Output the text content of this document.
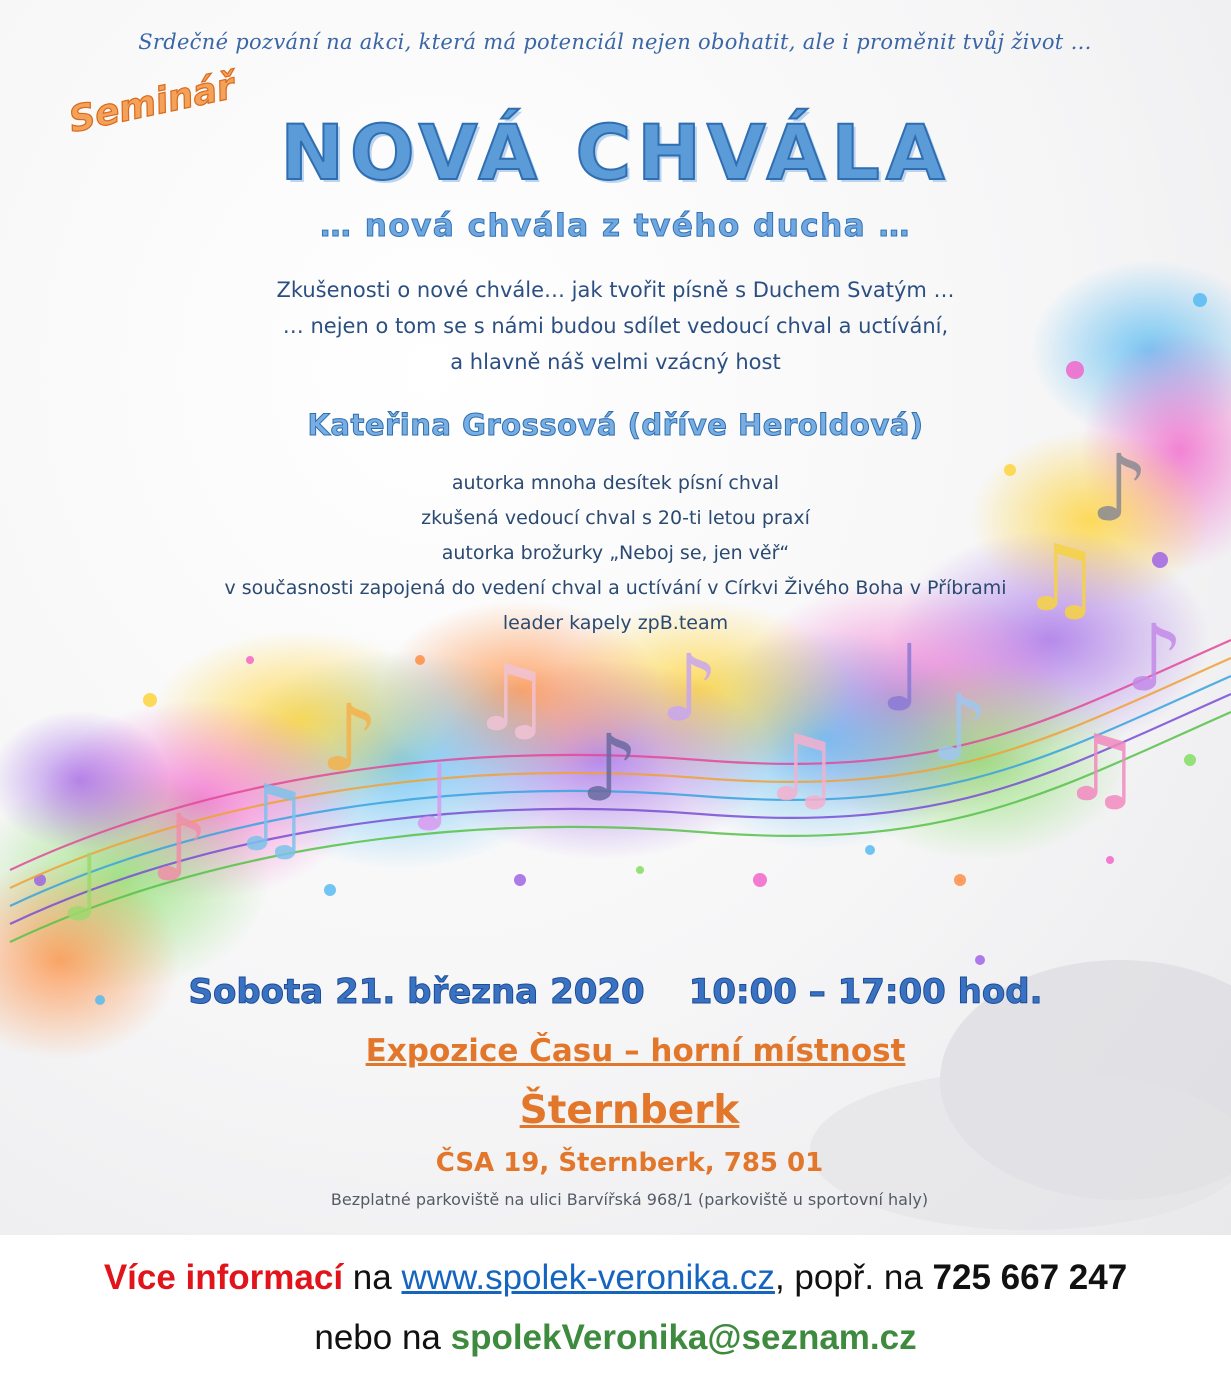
♪
♫
♪
♫
♪
♩
♫
♪
♪
♫
♩
♪
♫
♪
♩
Srdečné pozvání na akci, která má potenciál nejen obohatit, ale i proměnit tvůj život …
Seminář
NOVÁ CHVÁLA
… nová chvála z tvého ducha …
Zkušenosti o nové chvále… jak tvořit písně s Duchem Svatým …
… nejen o tom se s námi budou sdílet vedoucí chval a uctívání,
a hlavně náš velmi vzácný host
Kateřina Grossová (dříve Heroldová)
autorka mnoha desítek písní chval
zkušená vedoucí chval s 20-ti letou praxí
autorka brožurky „Neboj se, jen věř“
v současnosti zapojená do vedení chval a uctívání v Církvi Živého Boha v Příbrami
leader kapely zpB.team
Sobota 21. března 2020 10:00 – 17:00 hod.
Expozice Času – horní místnost
Šternberk
ČSA 19, Šternberk, 785 01
Bezplatné parkoviště na ulici Barvířská 968/1 (parkoviště u sportovní haly)
Více informací na www.spolek-veronika.cz, popř. na 725 667 247
nebo na spolekVeronika@seznam.cz
